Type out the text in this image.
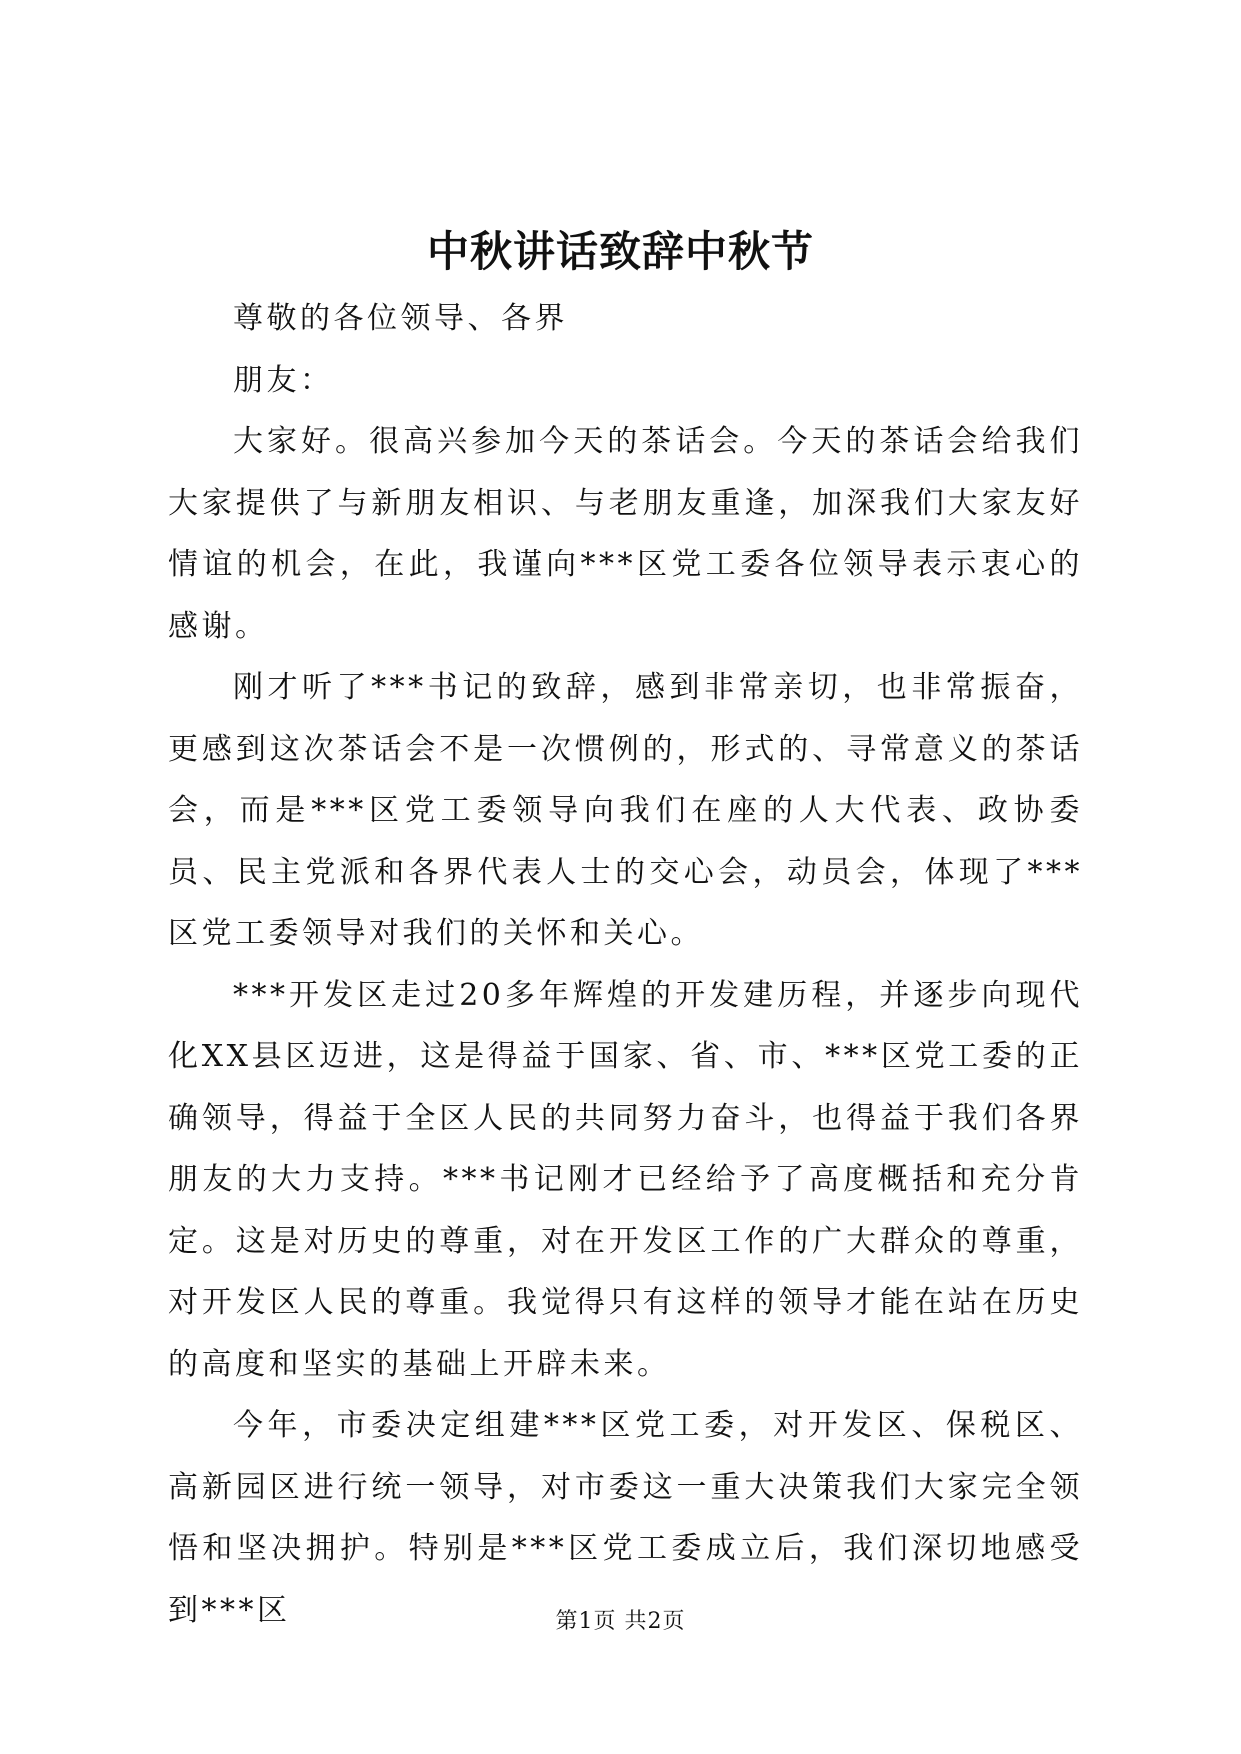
中秋讲话致辞中秋节

尊敬的各位领导、各界

朋友：

大家好。很高兴参加今天的茶话会。今天的茶话会给我们大家提供了与新朋友相识、与老朋友重逢，加深我们大家友好情谊的机会，在此，我谨向***区党工委各位领导表示衷心的感谢。

刚才听了***书记的致辞，感到非常亲切，也非常振奋，更感到这次茶话会不是一次惯例的，形式的、寻常意义的茶话会，而是***区党工委领导向我们在座的人大代表、政协委员、民主党派和各界代表人士的交心会，动员会，体现了***区党工委领导对我们的关怀和关心。

***开发区走过20多年辉煌的开发建历程，并逐步向现代化XX县区迈进，这是得益于国家、省、市、***区党工委的正确领导，得益于全区人民的共同努力奋斗，也得益于我们各界朋友的大力支持。***书记刚才已经给予了高度概括和充分肯定。这是对历史的尊重，对在开发区工作的广大群众的尊重，对开发区人民的尊重。我觉得只有这样的领导才能在站在历史的高度和坚实的基础上开辟未来。

今年，市委决定组建***区党工委，对开发区、保税区、高新园区进行统一领导，对市委这一重大决策我们大家完全领悟和坚决拥护。特别是***区党工委成立后，我们深切地感受到***区	第1页 共2页
